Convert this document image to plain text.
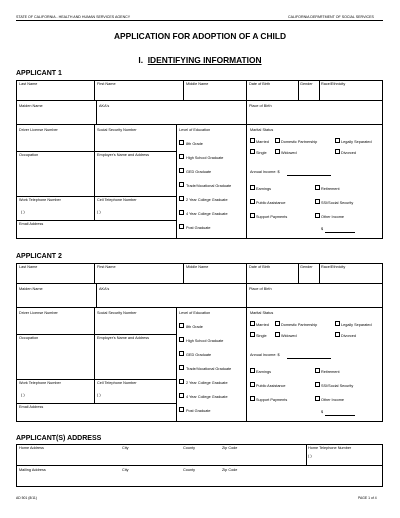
STATE OF CALIFORNIA - HEALTH AND HUMAN SERVICES AGENCY	CALIFORNIA DEPARTMENT OF SOCIAL SERVICES
APPLICATION FOR ADOPTION OF A CHILD
I. IDENTIFYING INFORMATION
APPLICANT 1
Last Name	First Name	Middle Name	Date of Birth	Gender Race/Ethnicity
Maiden Name	AKA's	Place of Birth
Driver License Number	Social Security Number
Occupation	Employer's Name and Address
Work Telephone Number	Cell Telephone Number
( )	( )
Email Address
Level of Education
8th Grade
High School Graduate
GED Graduate
Trade/Vocational Graduate
2 Year College Graduate
4 Year College Graduate
Post Graduate
Marital Status
Married	Domestic Partnership	Legally Separated
Single	Widowed	Divorced
Annual Income: $
Earnings	Retirement
Public Assistance	SSI/Social Security
Support Payments	Other Income
$
APPLICANT 2
Last Name	First Name	Middle Name	Date of Birth	Gender Race/Ethnicity
Maiden Name	AKA's	Place of Birth
Driver License Number	Social Security Number
Occupation	Employer's Name and Address
Work Telephone Number	Cell Telephone Number
( )	( )
Email Address
Level of Education
8th Grade
High School Graduate
GED Graduate
Trade/Vocational Graduate
2 Year College Graduate
4 Year College Graduate
Post Graduate
Marital Status
Married	Domestic Partnership	Legally Separated
Single	Widowed	Divorced
Annual Income: $
Earnings	Retirement
Public Assistance	SSI/Social Security
Support Payments	Other Income
$
APPLICANT(S) ADDRESS
Home Address	City	County	Zip Code	Home Telephone Number
( )
Mailing Address	City	County	Zip Code
AD 501 (8/11)	PAGE 1 of 4
